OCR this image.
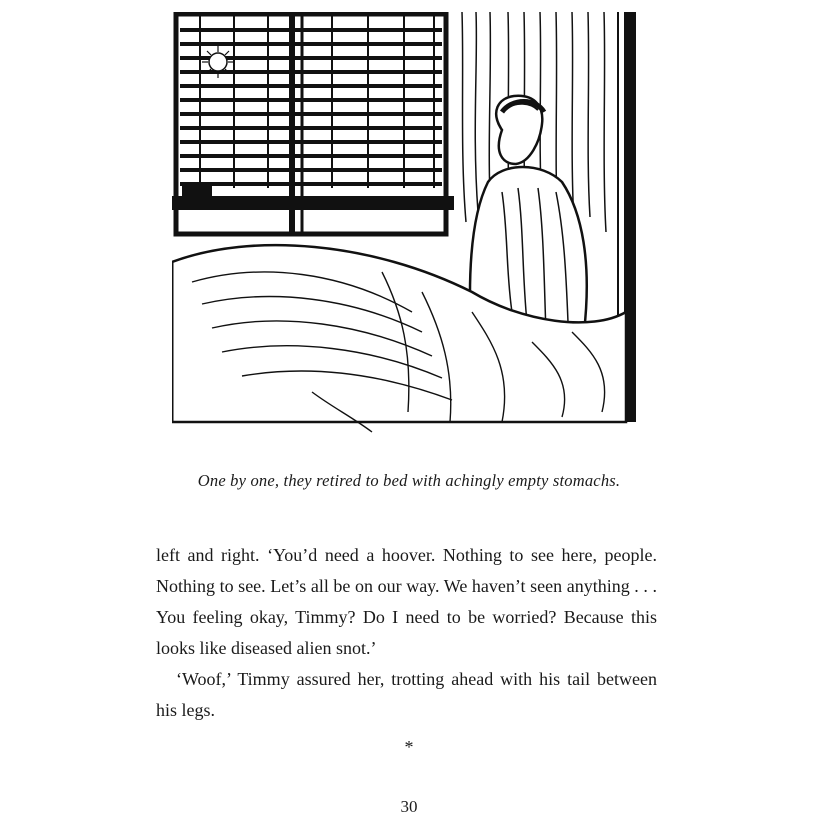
One by one, they retired to bed with achingly empty stomachs.

left and right. ‘You’d need a hoover. Nothing to see here, people. Nothing to see. Let’s all be on our way. We haven’t seen anything . . . You feeling okay, Timmy? Do I need to be worried? Because this looks like diseased alien snot.’

‘Woof,’ Timmy assured her, trotting ahead with his tail between his legs.

*
30
